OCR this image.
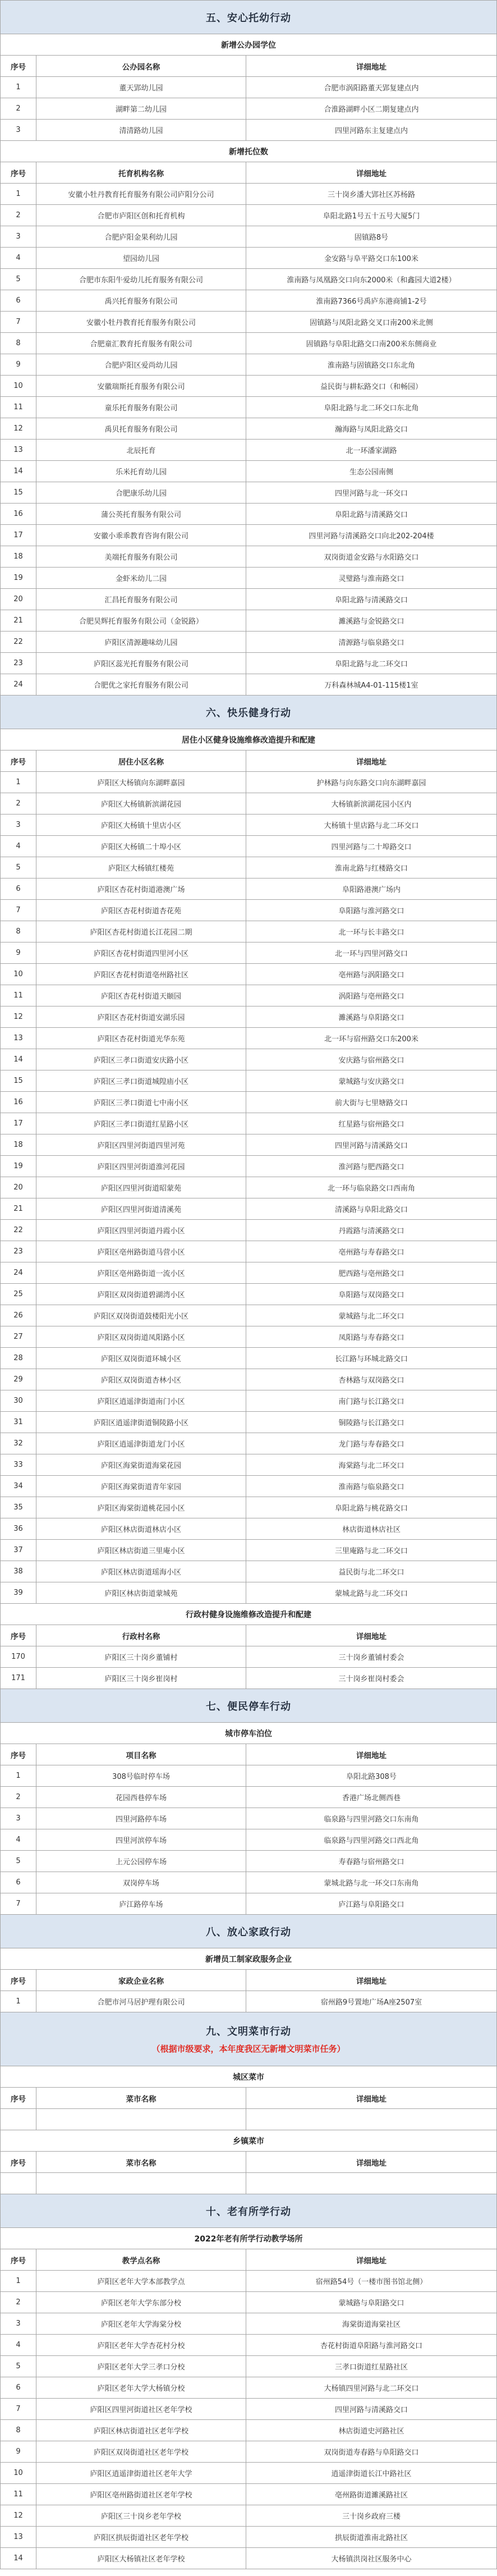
五、安心托幼行动
新增公办园学位
序号	公办园名称	详细地址
1	董天郢幼儿园	合肥市涡阳路董天郢复建点内
2	湖畔第二幼儿园	合淮路湖畔小区二期复建点内
3	清清路幼儿园	四里河路东主复建点内
新增托位数
序号	托育机构名称	详细地址
1	安徽小牡丹教育托育服务有限公司庐阳分公司	三十岗乡潘大郢社区苏杨路
2	合肥市庐阳区创和托育机构	阜阳北路1号五十五号大厦5门
3	合肥庐阳金果利幼儿园	固镇路8号
4	望园幼儿园	金安路与阜平路交口东100米
5	合肥市东阳牛爱幼儿托育服务有限公司	淮南路与凤凰路交口向东2000米（和鑫园大道2楼）
6	禹兴托育服务有限公司	淮南路7366号禹庐东港商铺1-2号
7	安徽小牡丹教育托育服务有限公司	固镇路与凤阳北路交叉口南200米北侧
8	合肥童汇教育托育服务有限公司	固镇路与阜阳北路交口南200米东侧商业
9	合肥庐阳区爱尚幼儿园	淮南路与固镇路交口东北角
10	安徽瑞斯托育服务有限公司	益民街与耕耘路交口（和畅园）
11	童乐托育服务有限公司	阜阳北路与北二环交口东北角
12	禹贝托育服务有限公司	瀚海路与凤阳北路交口
13	北辰托育	北一环潘家湖路
14	乐米托育幼儿园	生态公园南侧
15	合肥康乐幼儿园	四里河路与北一环交口
16	蒲公英托育服务有限公司	阜阳北路与清溪路交口
17	安徽小乖乖教育咨询有限公司	四里河路与清溪路交口向北202-204楼
18	美端托育服务有限公司	双岗街道金安路与水阳路交口
19	金虾米幼儿二园	灵璧路与淮南路交口
20	汇昌托育服务有限公司	阜阳北路与清溪路交口
21	合肥昊辉托育服务有限公司（金锐路）	濉溪路与金锐路交口
22	庐阳区清源趣味幼儿园	清源路与临泉路交口
23	庐阳区蕊光托育服务有限公司	阜阳北路与北二环交口
24	合肥优之家托育服务有限公司	万科森林城A4-01-115楼1室
六、快乐健身行动
居住小区健身设施维修改造提升和配建
序号	居住小区名称	详细地址
1	庐阳区大杨镇向东湖畔嘉园	护林路与向东路交口向东湖畔嘉园
2	庐阳区大杨镇新滨湖花园	大杨镇新滨湖花园小区内
3	庐阳区大杨镇十里店小区	大杨镇十里店路与北二环交口
4	庐阳区大杨镇二十埠小区	四里河路与二十埠路交口
5	庐阳区大杨镇红楼苑	淮南北路与红楼路交口
6	庐阳区杏花村街道港澳广场	阜阳路港澳广场内
7	庐阳区杏花村街道杏花苑	阜阳路与淮河路交口
8	庐阳区杏花村街道长江花园二期	北一环与长丰路交口
9	庐阳区杏花村街道四里河小区	北一环与四里河路交口
10	庐阳区杏花村街道亳州路社区	亳州路与涡阳路交口
11	庐阳区杏花村街道天颐园	涡阳路与亳州路交口
12	庐阳区杏花村街道安湖乐园	濉溪路与阜阳路交口
13	庐阳区杏花村街道光华东苑	北一环与宿州路交口东200米
14	庐阳区三孝口街道安庆路小区	安庆路与宿州路交口
15	庐阳区三孝口街道城隍庙小区	蒙城路与安庆路交口
16	庐阳区三孝口街道七中南小区	前大街与七里塘路交口
17	庐阳区三孝口街道红星路小区	红星路与宿州路交口
18	庐阳区四里河街道四里河苑	四里河路与清溪路交口
19	庐阳区四里河街道淮河花园	淮河路与肥西路交口
20	庐阳区四里河街道昭蒙苑	北一环与临泉路交口西南角
21	庐阳区四里河街道清溪苑	清溪路与阜阳北路交口
22	庐阳区四里河街道丹霞小区	丹霞路与清溪路交口
23	庐阳区亳州路街道马营小区	亳州路与寿春路交口
24	庐阳区亳州路街道一流小区	肥西路与亳州路交口
25	庐阳区双岗街道碧湖湾小区	阜阳路与双岗路交口
26	庐阳区双岗街道鼓楼阳光小区	蒙城路与北二环交口
27	庐阳区双岗街道凤阳路小区	凤阳路与寿春路交口
28	庐阳区双岗街道环城小区	长江路与环城北路交口
29	庐阳区双岗街道杏林小区	杏林路与双岗路交口
30	庐阳区逍遥津街道南门小区	南门路与长江路交口
31	庐阳区逍遥津街道铜陵路小区	铜陵路与长江路交口
32	庐阳区逍遥津街道龙门小区	龙门路与寿春路交口
33	庐阳区海棠街道海棠花园	海棠路与北二环交口
34	庐阳区海棠街道青年家园	淮南路与临泉路交口
35	庐阳区海棠街道桃花园小区	阜阳北路与桃花路交口
36	庐阳区林店街道林店小区	林店街道林店社区
37	庐阳区林店街道三里庵小区	三里庵路与北二环交口
38	庐阳区林店街道瑶海小区	益民街与北二环交口
39	庐阳区林店街道蒙城苑	蒙城北路与北二环交口
行政村健身设施维修改造提升和配建
序号	行政村名称	详细地址
170	庐阳区三十岗乡董铺村	三十岗乡董铺村委会
171	庐阳区三十岗乡崔岗村	三十岗乡崔岗村委会
七、便民停车行动
城市停车泊位
序号	项目名称	详细地址
1	308号临时停车场	阜阳北路308号
2	花园西巷停车场	香港广场北侧西巷
3	四里河路停车场	临泉路与四里河路交口东南角
4	四里河滨停车场	临泉路与四里河路交口西北角
5	上元公园停车场	寿春路与宿州路交口
6	双岗停车场	蒙城北路与北一环交口东南角
7	庐江路停车场	庐江路与阜阳路交口
八、放心家政行动
新增员工制家政服务企业
序号	家政企业名称	详细地址
1	合肥市河马居护理有限公司	宿州路9号置地广场A座2507室
九、文明菜市行动
（根据市级要求，本年度我区无新增文明菜市任务）
城区菜市
序号	菜市名称	详细地址
乡镇菜市
序号	菜市名称	详细地址
十、老有所学行动
2022年老有所学行动教学场所
序号	教学点名称	详细地址
1	庐阳区老年大学本部教学点	宿州路54号（一楼市图书馆北侧）
2	庐阳区老年大学东部分校	蒙城路与阜阳路交口
3	庐阳区老年大学海棠分校	海棠街道海棠社区
4	庐阳区老年大学杏花村分校	杏花村街道阜阳路与淮河路交口
5	庐阳区老年大学三孝口分校	三孝口街道红星路社区
6	庐阳区老年大学大杨镇分校	大杨镇四里河路与北二环交口
7	庐阳区四里河街道社区老年学校	四里河路与清溪路交口
8	庐阳区林店街道社区老年学校	林店街道史河路社区
9	庐阳区双岗街道社区老年学校	双岗街道寿春路与阜阳路交口
10	庐阳区逍遥津街道社区老年大学	逍遥津街道长江中路社区
11	庐阳区亳州路街道社区老年学校	亳州路街道濉溪路社区
12	庐阳区三十岗乡老年学校	三十岗乡政府三楼
13	庐阳区拱辰街道社区老年学校	拱辰街道淮南北路社区
14	庐阳区大杨镇社区老年学校	大杨镇洪岗社区服务中心
